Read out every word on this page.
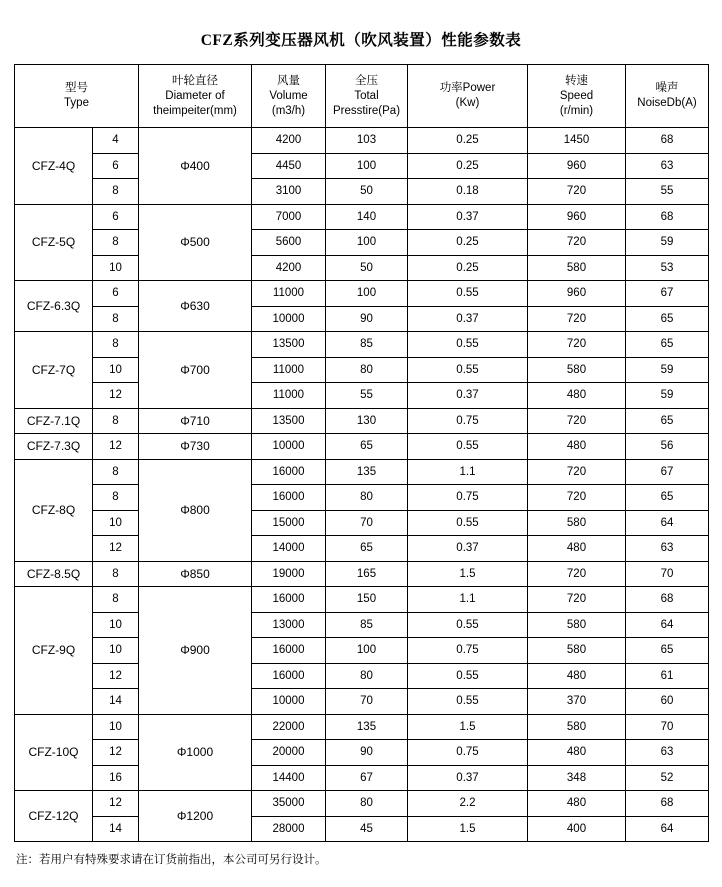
CFZ系列变压器风机（吹风装置）性能参数表
型号
Type		叶轮直径
Diameter of
theimpeiter(mm)	风量
Volume
(m3/h)	全压
Total
Presstire(Pa)	功率Power
(Kw)	转速
Speed
(r/min)	噪声
NoiseDb(A)

CFZ-4Q	4	Φ400	4200	103	0.25	1450	68
	6		4450	100	0.25	960	63
	8		3100	50	0.18	720	55
CFZ-5Q	6	Φ500	7000	140	0.37	960	68
	8		5600	100	0.25	720	59
	10		4200	50	0.25	580	53
CFZ-6.3Q	6	Φ630	11000	100	0.55	960	67
	8		10000	90	0.37	720	65
CFZ-7Q	8	Φ700	13500	85	0.55	720	65
	10		11000	80	0.55	580	59
	12		11000	55	0.37	480	59
CFZ-7.1Q	8	Φ710	13500	130	0.75	720	65
CFZ-7.3Q	12	Φ730	10000	65	0.55	480	56
CFZ-8Q	8	Φ800	16000	135	1.1	720	67
	8		16000	80	0.75	720	65
	10		15000	70	0.55	580	64
	12		14000	65	0.37	480	63
CFZ-8.5Q	8	Φ850	19000	165	1.5	720	70
CFZ-9Q	8	Φ900	16000	150	1.1	720	68
	10		13000	85	0.55	580	64
	10		16000	100	0.75	580	65
	12		16000	80	0.55	480	61
	14		10000	70	0.55	370	60
CFZ-10Q	10	Φ1000	22000	135	1.5	580	70
	12		20000	90	0.75	480	63
	16		14400	67	0.37	348	52
CFZ-12Q	12	Φ1200	35000	80	2.2	480	68
	14		28000	45	1.5	400	64
注：若用户有特殊要求请在订货前指出，本公司可另行设计。
